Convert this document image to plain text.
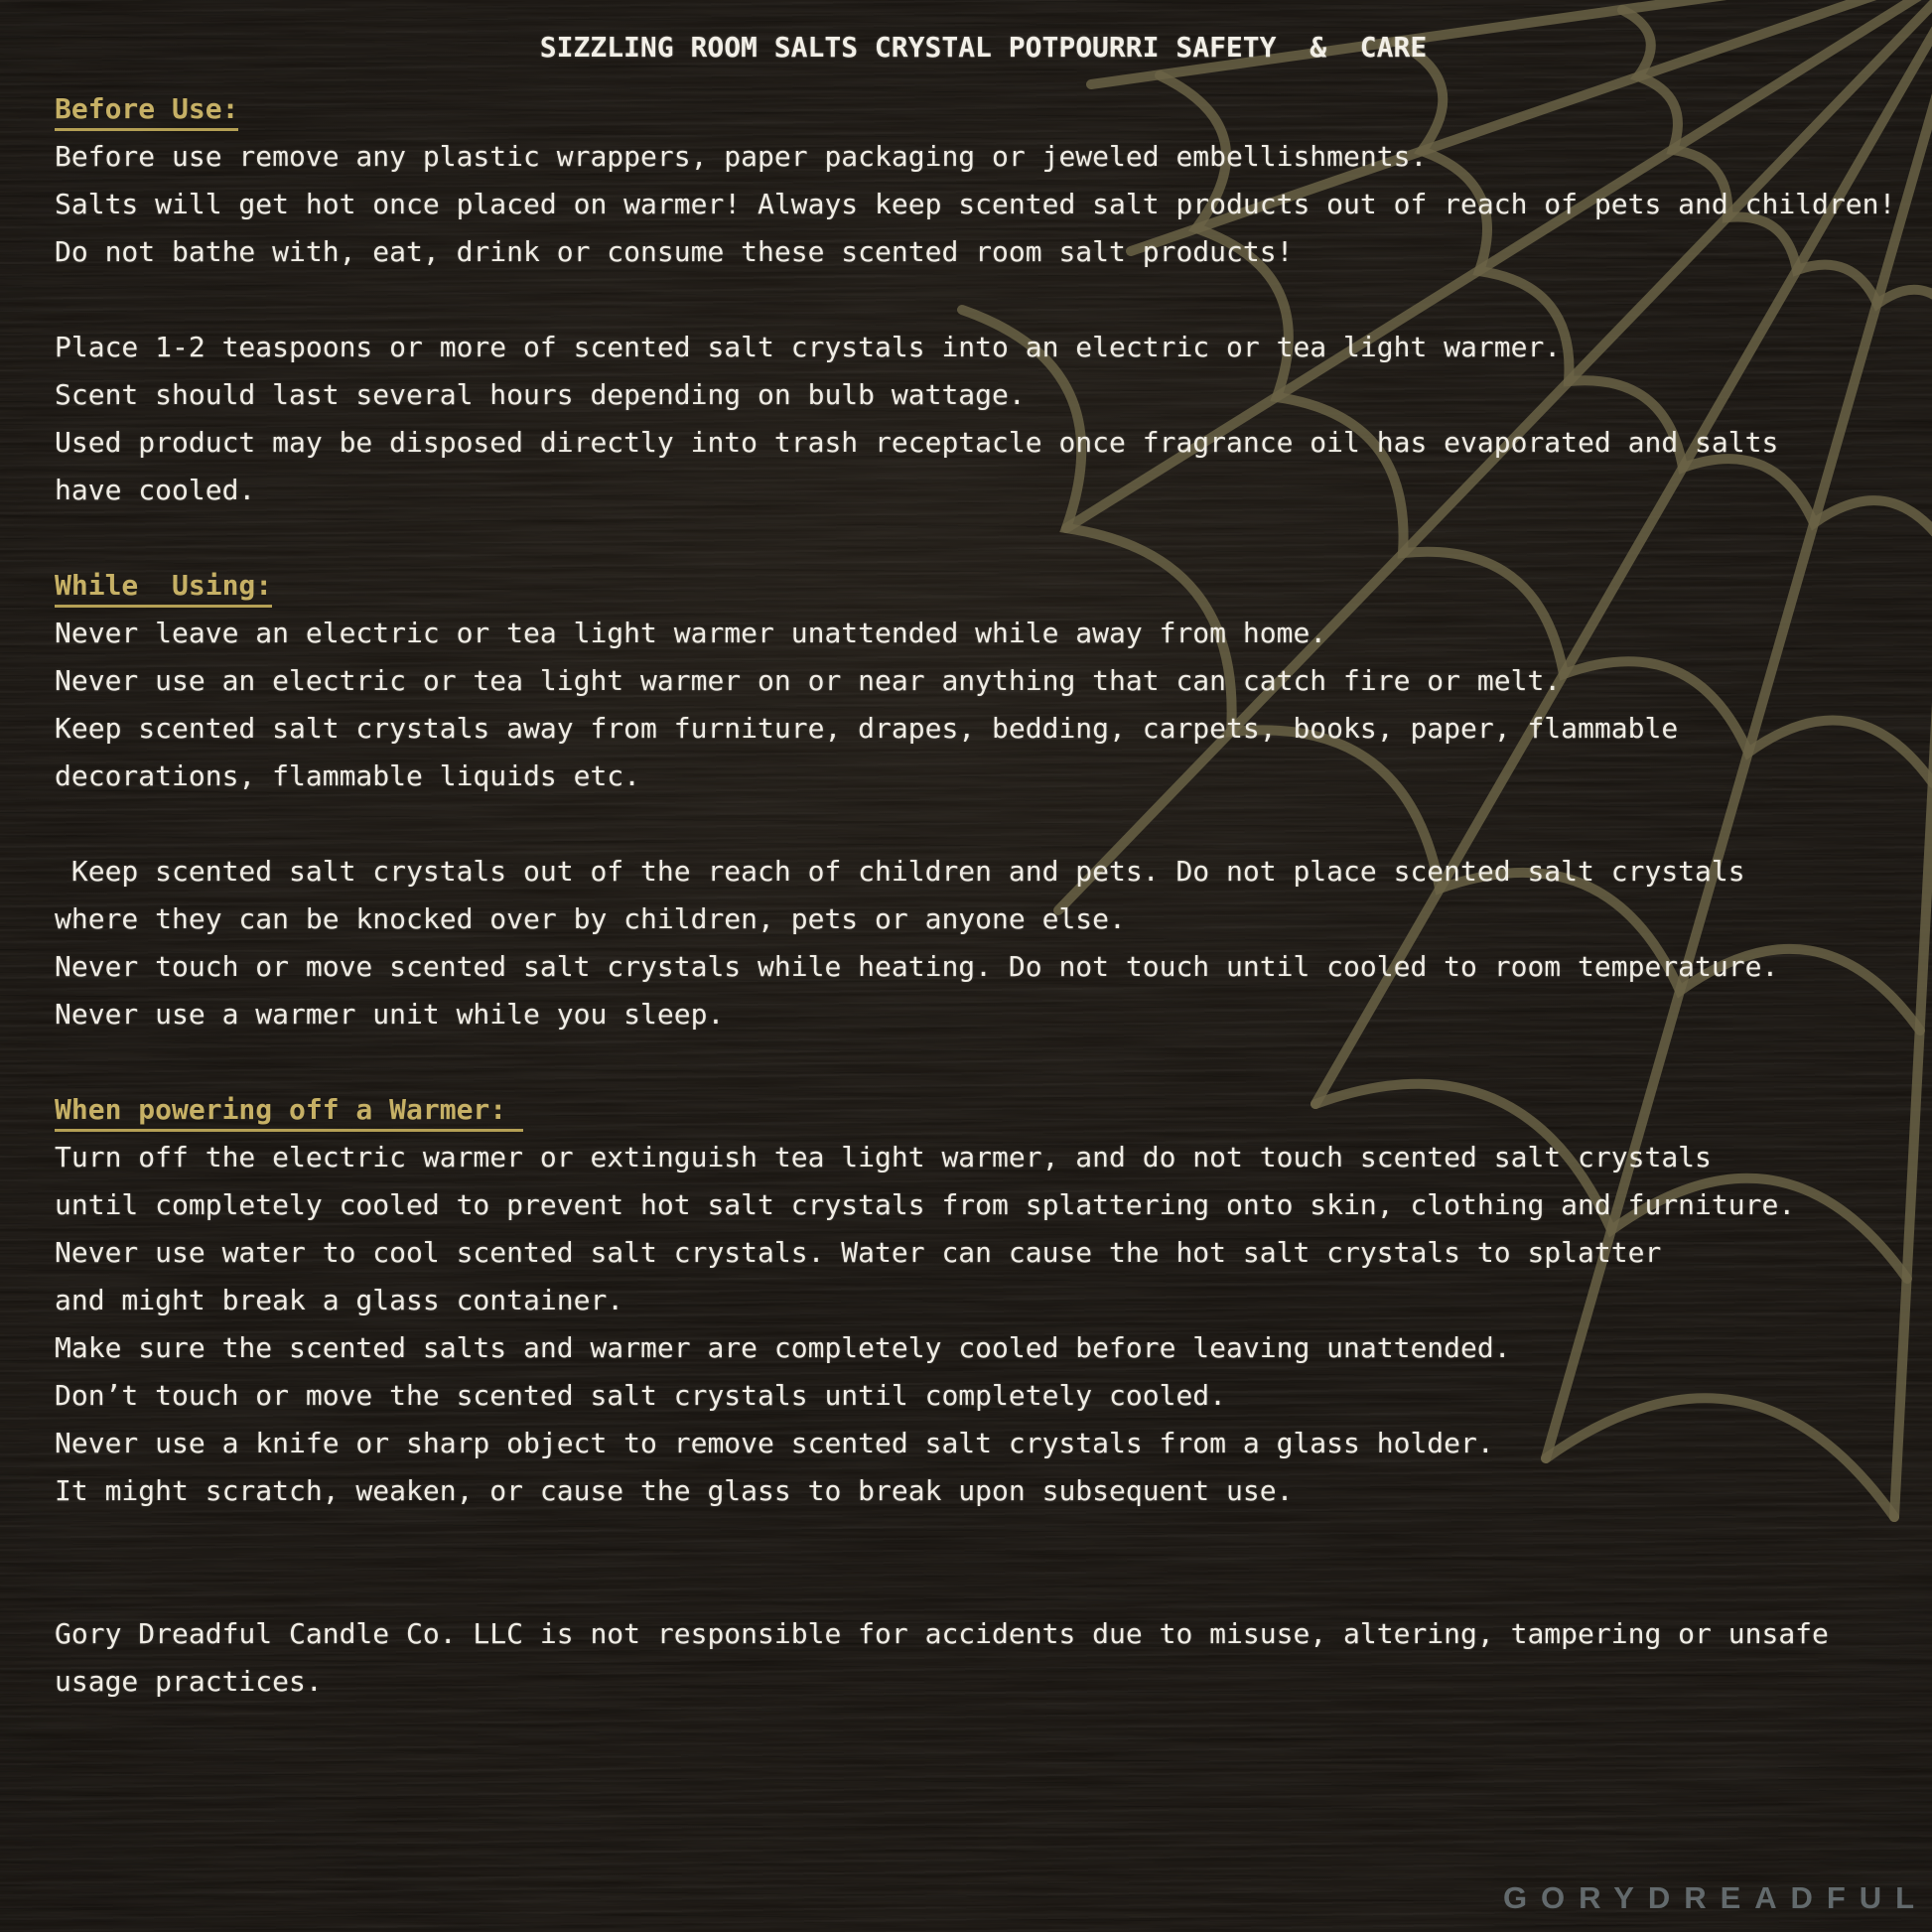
SIZZLING ROOM SALTS CRYSTAL POTPOURRI SAFETY  &  CARE
Before Use:
Before use remove any plastic wrappers, paper packaging or jeweled embellishments.
Salts will get hot once placed on warmer! Always keep scented salt products out of reach of pets and children!
Do not bathe with, eat, drink or consume these scented room salt products!
Place 1-2 teaspoons or more of scented salt crystals into an electric or tea light warmer.
Scent should last several hours depending on bulb wattage.
Used product may be disposed directly into trash receptacle once fragrance oil has evaporated and salts
have cooled.
While  Using:
Never leave an electric or tea light warmer unattended while away from home.
Never use an electric or tea light warmer on or near anything that can catch fire or melt.
Keep scented salt crystals away from furniture, drapes, bedding, carpets, books, paper, flammable
decorations, flammable liquids etc.
Keep scented salt crystals out of the reach of children and pets. Do not place scented salt crystals
where they can be knocked over by children, pets or anyone else.
Never touch or move scented salt crystals while heating. Do not touch until cooled to room temperature.
Never use a warmer unit while you sleep.
When powering off a Warmer:
Turn off the electric warmer or extinguish tea light warmer, and do not touch scented salt crystals
until completely cooled to prevent hot salt crystals from splattering onto skin, clothing and furniture.
Never use water to cool scented salt crystals. Water can cause the hot salt crystals to splatter
and might break a glass container.
Make sure the scented salts and warmer are completely cooled before leaving unattended.
Don’t touch or move the scented salt crystals until completely cooled.
Never use a knife or sharp object to remove scented salt crystals from a glass holder.
It might scratch, weaken, or cause the glass to break upon subsequent use.
Gory Dreadful Candle Co. LLC is not responsible for accidents due to misuse, altering, tampering or unsafe
usage practices.
GORYDREADFUL
